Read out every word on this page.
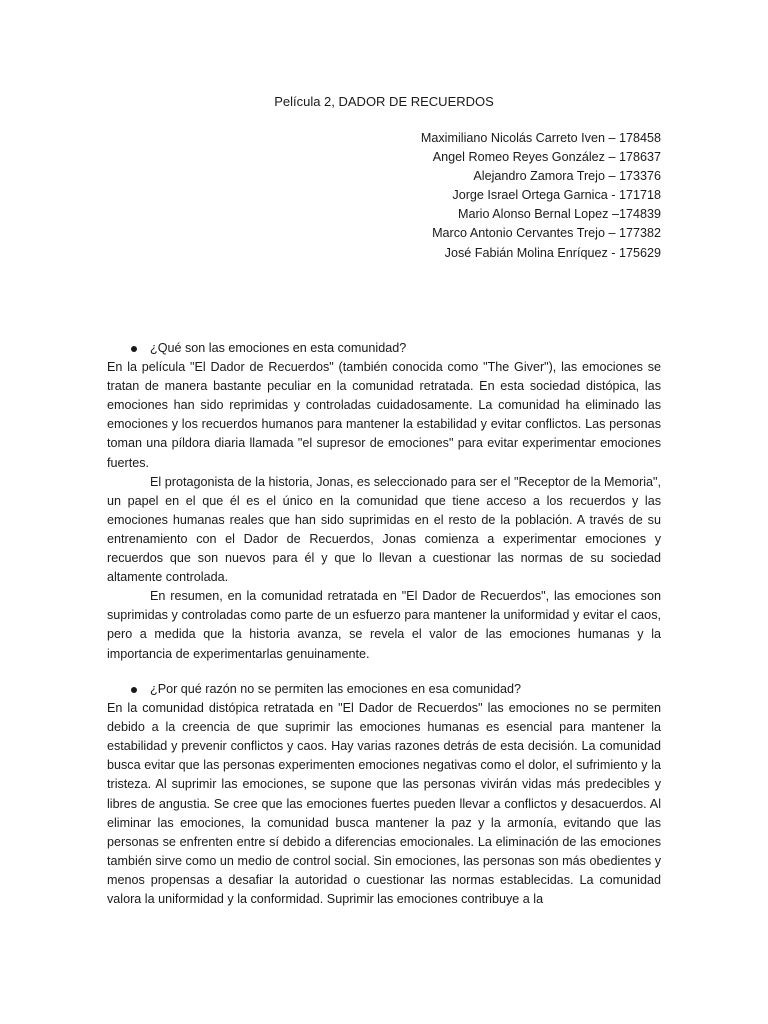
Película 2, DADOR DE RECUERDOS
Maximiliano Nicolás Carreto Iven – 178458
Angel Romeo Reyes González – 178637
Alejandro Zamora Trejo – 173376
Jorge Israel Ortega Garnica - 171718
Mario Alonso Bernal Lopez –174839
Marco Antonio Cervantes Trejo – 177382
José Fabián Molina Enríquez - 175629
¿Qué son las emociones en esta comunidad?

En la película "El Dador de Recuerdos" (también conocida como "The Giver"), las emociones se tratan de manera bastante peculiar en la comunidad retratada. En esta sociedad distópica, las emociones han sido reprimidas y controladas cuidadosamente. La comunidad ha eliminado las emociones y los recuerdos humanos para mantener la estabilidad y evitar conflictos. Las personas toman una píldora diaria llamada "el supresor de emociones" para evitar experimentar emociones fuertes.

El protagonista de la historia, Jonas, es seleccionado para ser el "Receptor de la Memoria", un papel en el que él es el único en la comunidad que tiene acceso a los recuerdos y las emociones humanas reales que han sido suprimidas en el resto de la población. A través de su entrenamiento con el Dador de Recuerdos, Jonas comienza a experimentar emociones y recuerdos que son nuevos para él y que lo llevan a cuestionar las normas de su sociedad altamente controlada.

En resumen, en la comunidad retratada en "El Dador de Recuerdos", las emociones son suprimidas y controladas como parte de un esfuerzo para mantener la uniformidad y evitar el caos, pero a medida que la historia avanza, se revela el valor de las emociones humanas y la importancia de experimentarlas genuinamente.

¿Por qué razón no se permiten las emociones en esa comunidad?

En la comunidad distópica retratada en "El Dador de Recuerdos" las emociones no se permiten debido a la creencia de que suprimir las emociones humanas es esencial para mantener la estabilidad y prevenir conflictos y caos. Hay varias razones detrás de esta decisión. La comunidad busca evitar que las personas experimenten emociones negativas como el dolor, el sufrimiento y la tristeza. Al suprimir las emociones, se supone que las personas vivirán vidas más predecibles y libres de angustia. Se cree que las emociones fuertes pueden llevar a conflictos y desacuerdos. Al eliminar las emociones, la comunidad busca mantener la paz y la armonía, evitando que las personas se enfrenten entre sí debido a diferencias emocionales. La eliminación de las emociones también sirve como un medio de control social. Sin emociones, las personas son más obedientes y menos propensas a desafiar la autoridad o cuestionar las normas establecidas. La comunidad valora la uniformidad y la conformidad. Suprimir las emociones contribuye a la
